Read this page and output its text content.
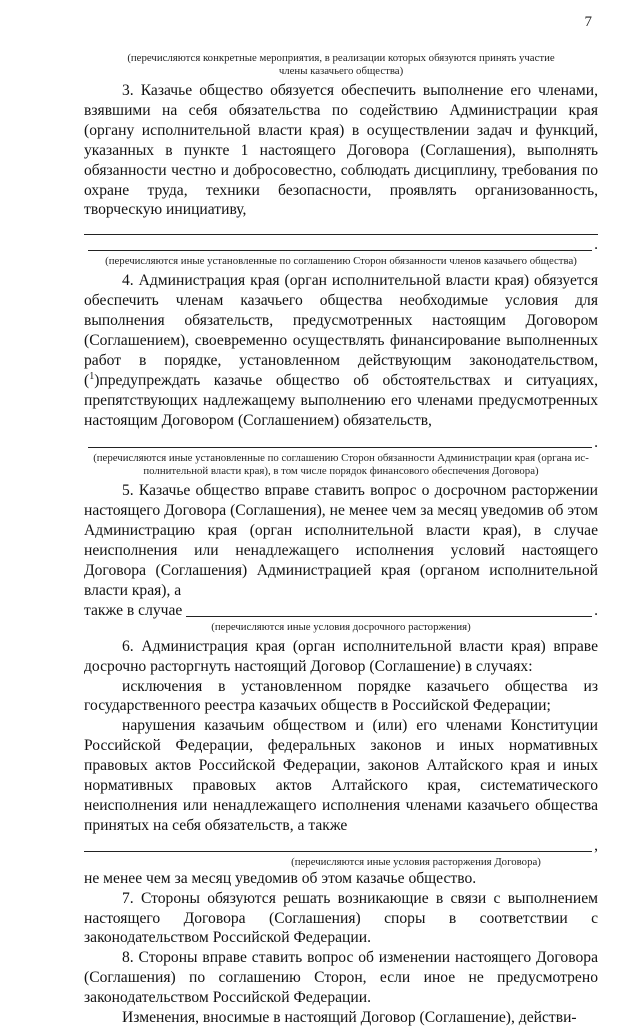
7

(перечисляются конкретные мероприятия, в реализации которых обязуются принять участие

члены казачьего общества)

3. Казачье общество обязуется обеспечить выполнение его членами, взявшими на себя обязательства по содействию Администрации края (органу исполнительной власти края) в осуществлении задач и функций, указанных в пункте 1 настоящего Договора (Соглашения), выполнять обязанности честно и добросовестно, соблюдать дисциплину, требования по охране труда, техники безопасности, проявлять организованность, творческую инициативу,

.

(перечисляются иные установленные по соглашению Сторон обязанности членов казачьего общества)

4. Администрация края (орган исполнительной власти края) обязуется обеспечить членам казачьего общества необходимые условия для выполнения обязательств, предусмотренных настоящим Договором (Соглашением), своевременно осуществлять финансирование выполненных работ в порядке, установленном действующим законодательством, ($^1$)предупреждать казачье общество об обстоятельствах и ситуациях, препятствующих надлежащему выполнению его членами предусмотренных настоящим Договором (Соглашением) обязательств,

.

(перечисляются иные установленные по соглашению Сторон обязанности Администрации края (органа ис-

полнительной власти края), в том числе порядок финансового обеспечения Договора)

5. Казачье общество вправе ставить вопрос о досрочном расторжении настоящего Договора (Соглашения), не менее чем за месяц уведомив об этом Администрацию края (орган исполнительной власти края), в случае неисполнения или ненадлежащего исполнения условий настоящего Договора (Соглашения) Администрацией края (органом исполнительной власти края), а

также в случае	.

(перечисляются иные условия досрочного расторжения)

6. Администрация края (орган исполнительной власти края) вправе досрочно расторгнуть настоящий Договор (Соглашение) в случаях:

исключения в установленном порядке казачьего общества из государственного реестра казачьих обществ в Российской Федерации;

нарушения казачьим обществом и (или) его членами Конституции Российской Федерации, федеральных законов и иных нормативных правовых актов Российской Федерации, законов Алтайского края и иных нормативных правовых актов Алтайского края, систематического неисполнения или ненадлежащего исполнения членами казачьего общества принятых на себя обязательств, а также

,

(перечисляются иные условия расторжения Договора)

не менее чем за месяц уведомив об этом казачье общество.

7. Стороны обязуются решать возникающие в связи с выполнением настоящего Договора (Соглашения) споры в соответствии с законодательством Российской Федерации.

8. Стороны вправе ставить вопрос об изменении настоящего Договора (Соглашения) по соглашению Сторон, если иное не предусмотрено законодательством Российской Федерации.

Изменения, вносимые в настоящий Договор (Соглашение), действи-
